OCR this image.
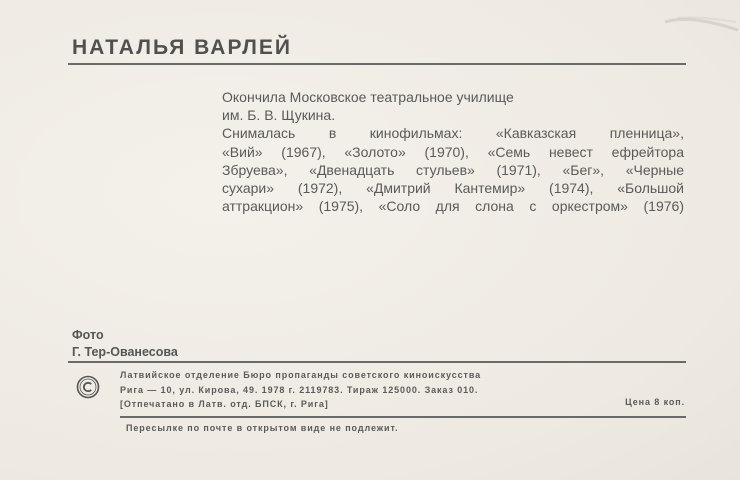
НАТАЛЬЯ ВАРЛЕЙ

Окончила Московское театральное училище

им. Б. В. Щукина.

Снималась в кинофильмах: «Кавказская пленница»,

«Вий» (1967), «Золото» (1970), «Семь невест ефрейтора

Збруева», «Двенадцать стульев» (1971), «Бег», «Черные

сухари» (1972), «Дмитрий Кантемир» (1974), «Большой

аттракцион» (1975), «Соло для слона с оркестром» (1976)

Фото
Г. Тер-Ованесова
Латвийское отделение Бюро пропаганды советского киноискусства
Рига — 10, ул. Кирова, 49. 1978 г. 2119783. Тираж 125000. Заказ 010.
[Отпечатано в Латв. отд. БПСК, г. Рига]	Цена 8 коп.
Пересылке по почте в открытом виде не подлежит.
